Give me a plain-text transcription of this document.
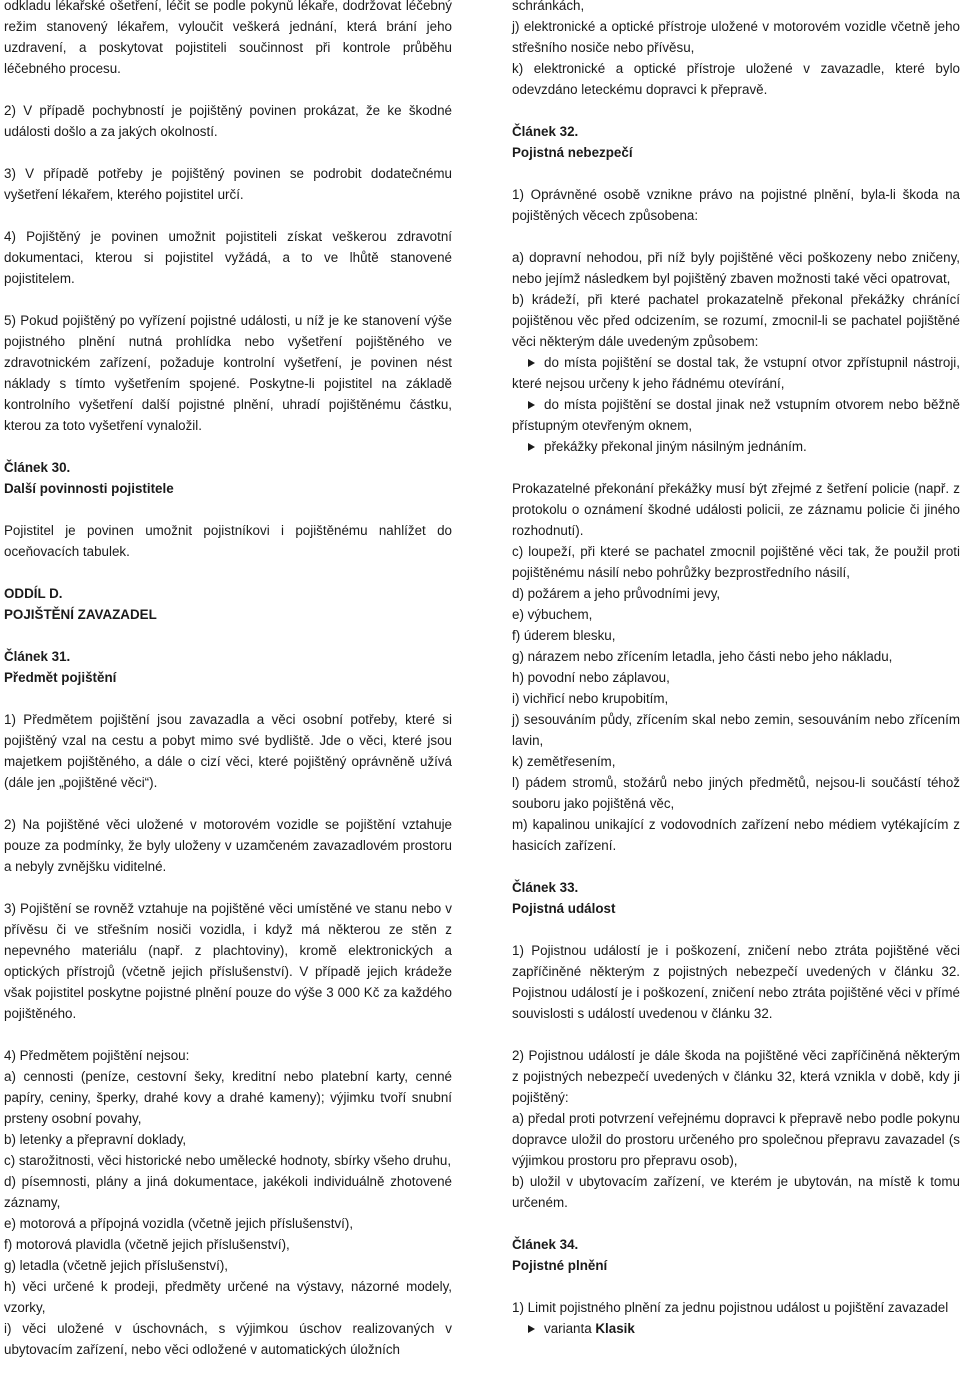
odkladu lékařské ošetření, léčit se podle pokynů lékaře, dodržovat léčebný režim stanovený lékařem, vyloučit veškerá jednání, která brání jeho uzdravení, a poskytovat pojistiteli součinnost při kontrole průběhu léčebného procesu.

2) V případě pochybností je pojištěný povinen prokázat, že ke škodné události došlo a za jakých okolností.

3) V případě potřeby je pojištěný povinen se podrobit dodatečnému vyšetření lékařem, kterého pojistitel určí.

4) Pojištěný je povinen umožnit pojistiteli získat veškerou zdravotní dokumentaci, kterou si pojistitel vyžádá, a to ve lhůtě stanovené pojistitelem.

5) Pokud pojištěný po vyřízení pojistné události, u níž je ke stanovení výše pojistného plnění nutná prohlídka nebo vyšetření pojištěného ve zdravotnickém zařízení, požaduje kontrolní vyšetření, je povinen nést náklady s tímto vyšetřením spojené. Poskytne-li pojistitel na základě kontrolního vyšetření další pojistné plnění, uhradí pojištěnému částku, kterou za toto vyšetření vynaložil.

Článek 30.

Další povinnosti pojistitele

Pojistitel je povinen umožnit pojistníkovi i pojištěnému nahlížet do oceňovacích tabulek.

ODDÍL D.

POJIŠTĚNÍ ZAVAZADEL

Článek 31.

Předmět pojištění

1) Předmětem pojištění jsou zavazadla a věci osobní potřeby, které si pojištěný vzal na cestu a pobyt mimo své bydliště. Jde o věci, které jsou majetkem pojištěného, a dále o cizí věci, které pojištěný oprávněně užívá (dále jen „pojištěné věci“).

2) Na pojištěné věci uložené v motorovém vozidle se pojištění vztahuje pouze za podmínky, že byly uloženy v uzamčeném zavazadlovém prostoru a nebyly zvnějšku viditelné.

3) Pojištění se rovněž vztahuje na pojištěné věci umístěné ve stanu nebo v přívěsu či ve střešním nosiči vozidla, i když má některou ze stěn z nepevného materiálu (např. z plachtoviny), kromě elektronických a optických přístrojů (včetně jejich příslušenství). V případě jejich krádeže však pojistitel poskytne pojistné plnění pouze do výše 3 000 Kč za každého pojištěného.

4) Předmětem pojištění nejsou:

a) cennosti (peníze, cestovní šeky, kreditní nebo platební karty, cenné papíry, ceniny, šperky, drahé kovy a drahé kameny); výjimku tvoří snubní prsteny osobní povahy,

b) letenky a přepravní doklady,

c) starožitnosti, věci historické nebo umělecké hodnoty, sbírky všeho druhu,

d) písemnosti, plány a jiná dokumentace, jakékoli individuálně zhotovené záznamy,

e) motorová a přípojná vozidla (včetně jejich příslušenství),

f) motorová plavidla (včetně jejich příslušenství),

g) letadla (včetně jejich příslušenství),

h) věci určené k prodeji, předměty určené na výstavy, názorné modely, vzorky,

i) věci uložené v úschovnách, s výjimkou úschov realizovaných v ubytovacím zařízení, nebo věci odložené v automatických úložních

schránkách,

j) elektronické a optické přístroje uložené v motorovém vozidle včetně jeho střešního nosiče nebo přívěsu,

k) elektronické a optické přístroje uložené v zavazadle, které bylo odevzdáno leteckému dopravci k přepravě.

Článek 32.

Pojistná nebezpečí

1) Oprávněné osobě vznikne právo na pojistné plnění, byla-li škoda na pojištěných věcech způsobena:

a) dopravní nehodou, při níž byly pojištěné věci poškozeny nebo zničeny, nebo jejímž následkem byl pojištěný zbaven možnosti také věci opatrovat,

b) krádeží, při které pachatel prokazatelně překonal překážky chránící pojištěnou věc před odcizením, se rozumí, zmocnil-li se pachatel pojištěné věci některým dále uvedeným způsobem:

do místa pojištění se dostal tak, že vstupní otvor zpřístupnil nástroji, které nejsou určeny k jeho řádnému otevírání,

do místa pojištění se dostal jinak než vstupním otvorem nebo běžně přístupným otevřeným oknem,

překážky překonal jiným násilným jednáním.

Prokazatelné překonání překážky musí být zřejmé z šetření policie (např. z protokolu o oznámení škodné události policii, ze záznamu policie či jiného rozhodnutí).

c) loupeží, při které se pachatel zmocnil pojištěné věci tak, že použil proti pojištěnému násilí nebo pohrůžky bezprostředního násilí,

d) požárem a jeho průvodními jevy,

e) výbuchem,

f) úderem blesku,

g) nárazem nebo zřícením letadla, jeho části nebo jeho nákladu,

h) povodní nebo záplavou,

i) vichřicí nebo krupobitím,

j) sesouváním půdy, zřícením skal nebo zemin, sesouváním nebo zřícením lavin,

k) zemětřesením,

l) pádem stromů, stožárů nebo jiných předmětů, nejsou-li součástí téhož souboru jako pojištěná věc,

m) kapalinou unikající z vodovodních zařízení nebo médiem vytékajícím z hasicích zařízení.

Článek 33.

Pojistná událost

1) Pojistnou událostí je i poškození, zničení nebo ztráta pojištěné věci zapříčiněné některým z pojistných nebezpečí uvedených v článku 32. Pojistnou událostí je i poškození, zničení nebo ztráta pojištěné věci v přímé souvislosti s událostí uvedenou v článku 32.

2) Pojistnou událostí je dále škoda na pojištěné věci zapříčiněná některým z pojistných nebezpečí uvedených v článku 32, která vznikla v době, kdy ji pojištěný:

a) předal proti potvrzení veřejnému dopravci k přepravě nebo podle pokynu dopravce uložil do prostoru určeného pro společnou přepravu zavazadel (s výjimkou prostoru pro přepravu osob),

b) uložil v ubytovacím zařízení, ve kterém je ubytován, na místě k tomu určeném.

Článek 34.

Pojistné plnění

1) Limit pojistného plnění za jednu pojistnou událost u pojištění zavazadel

varianta Klasik
